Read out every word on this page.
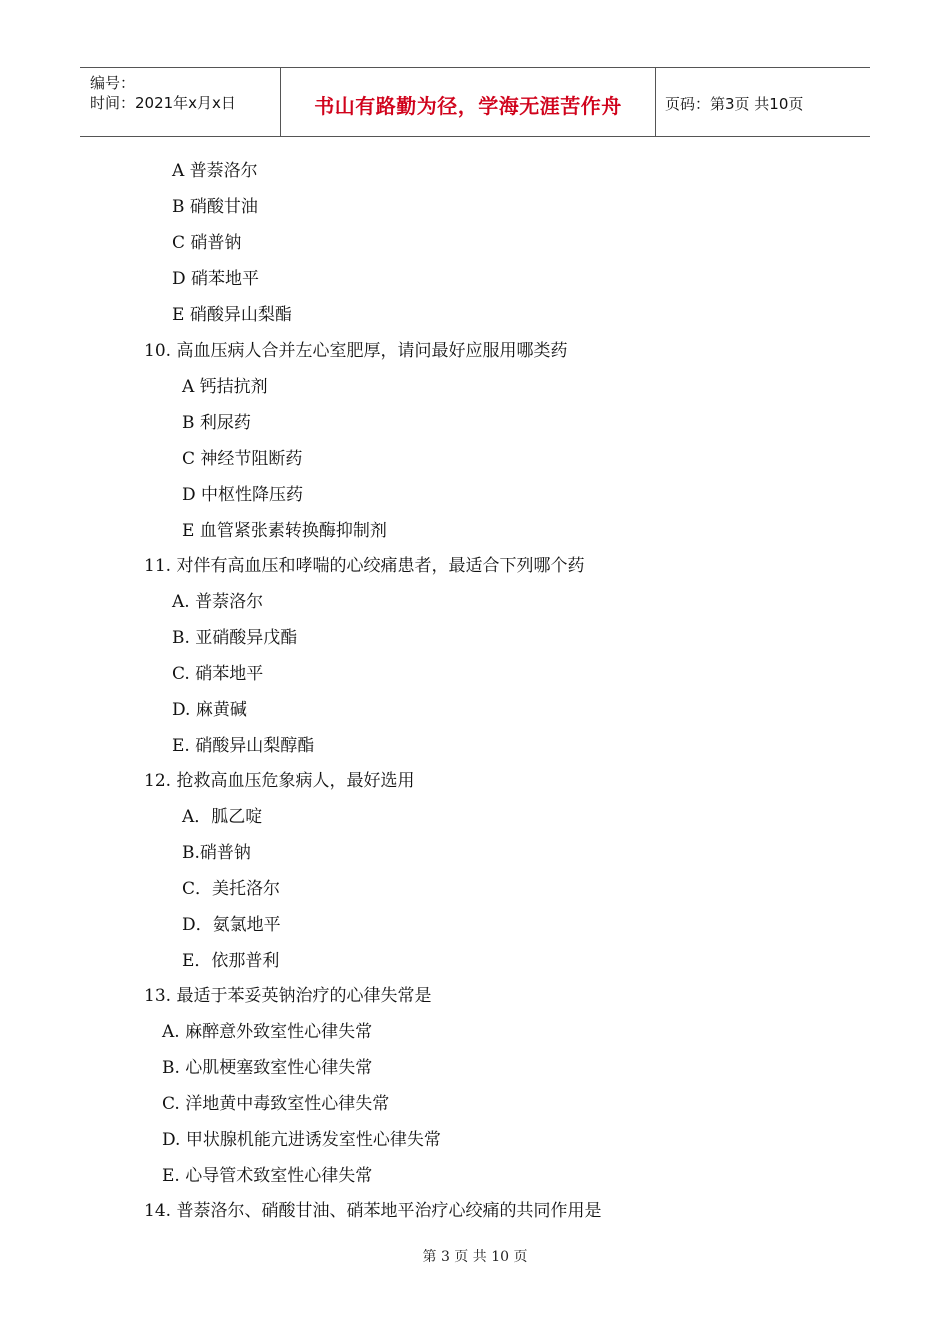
编号：
时间：2021年x月x日	书山有路勤为径，学海无涯苦作舟	页码：第3页 共10页
A 普萘洛尔
B 硝酸甘油
C 硝普钠
D 硝苯地平
E 硝酸异山梨酯
10. 高血压病人合并左心室肥厚，请问最好应服用哪类药
A 钙拮抗剂
B 利尿药
C 神经节阻断药
D 中枢性降压药
E 血管紧张素转换酶抑制剂
11. 对伴有高血压和哮喘的心绞痛患者，最适合下列哪个药
A. 普萘洛尔
B. 亚硝酸异戊酯
C. 硝苯地平
D. 麻黄碱
E. 硝酸异山梨醇酯
12. 抢救高血压危象病人，最好选用
A．胍乙啶
B.硝普钠
C．美托洛尔
D．氨氯地平
E．依那普利
13. 最适于苯妥英钠治疗的心律失常是
A. 麻醉意外致室性心律失常
B. 心肌梗塞致室性心律失常
C. 洋地黄中毒致室性心律失常
D. 甲状腺机能亢进诱发室性心律失常
E. 心导管术致室性心律失常
14. 普萘洛尔、硝酸甘油、硝苯地平治疗心绞痛的共同作用是
第 3 页 共 10 页
